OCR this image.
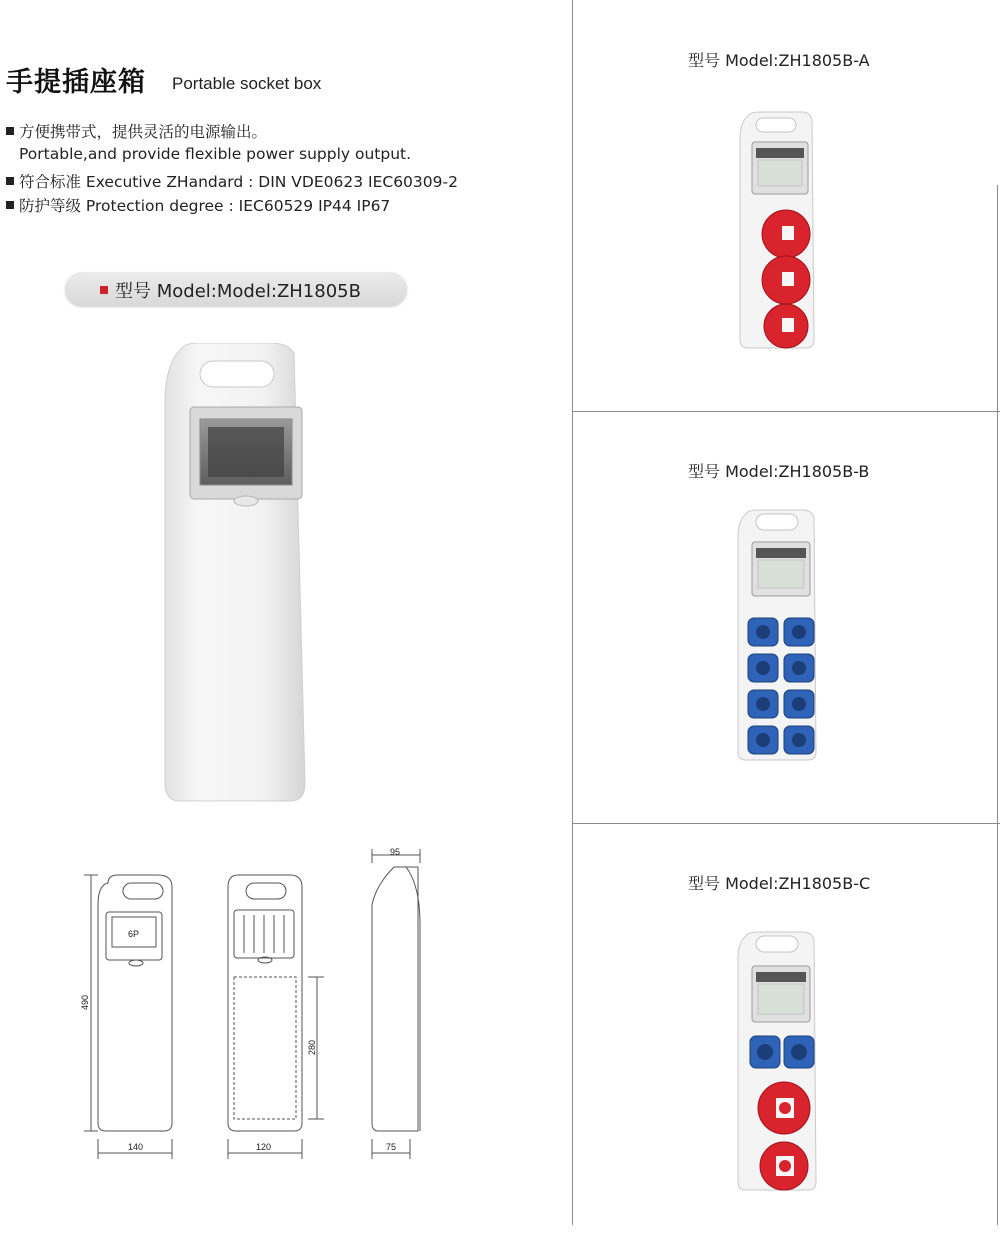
手提插座箱 Portable socket box
方便携带式，提供灵活的电源输出。
Portable,and provide flexible power supply output.
符合标准 Executive ZHandard : DIN VDE0623 IEC60309-2
防护等级 Protection degree : IEC60529 IP44 IP67
型号 Model:Model:ZH1805B
6P
490
140	120
280
95
75
型号 Model:ZH1805B-A
型号 Model:ZH1805B-B
型号 Model:ZH1805B-C
